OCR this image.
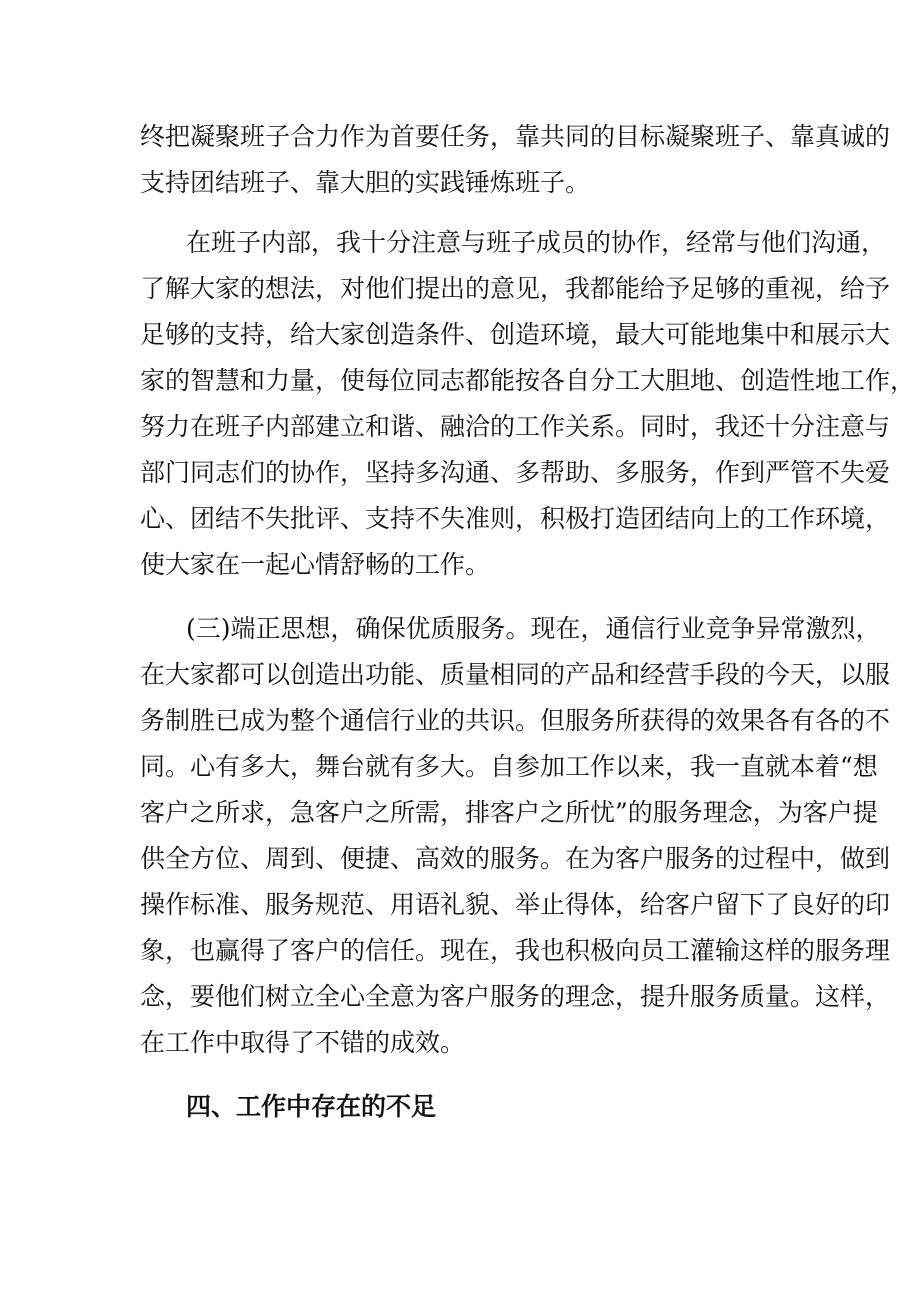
终把凝聚班子合力作为首要任务，靠共同的目标凝聚班子、靠真诚的
支持团结班子、靠大胆的实践锤炼班子。
在班子内部，我十分注意与班子成员的协作，经常与他们沟通，
了解大家的想法，对他们提出的意见，我都能给予足够的重视，给予
足够的支持，给大家创造条件、创造环境，最大可能地集中和展示大
家的智慧和力量，使每位同志都能按各自分工大胆地、创造性地工作，
努力在班子内部建立和谐、融洽的工作关系。同时，我还十分注意与
部门同志们的协作，坚持多沟通、多帮助、多服务，作到严管不失爱
心、团结不失批评、支持不失准则，积极打造团结向上的工作环境，
使大家在一起心情舒畅的工作。
(三)端正思想，确保优质服务。现在，通信行业竞争异常激烈，
在大家都可以创造出功能、质量相同的产品和经营手段的今天，以服
务制胜已成为整个通信行业的共识。但服务所获得的效果各有各的不
同。心有多大，舞台就有多大。自参加工作以来，我一直就本着“想
客户之所求，急客户之所需，排客户之所忧”的服务理念，为客户提
供全方位、周到、便捷、高效的服务。在为客户服务的过程中，做到
操作标准、服务规范、用语礼貌、举止得体，给客户留下了良好的印
象，也赢得了客户的信任。现在，我也积极向员工灌输这样的服务理
念，要他们树立全心全意为客户服务的理念，提升服务质量。这样，
在工作中取得了不错的成效。
四、工作中存在的不足
